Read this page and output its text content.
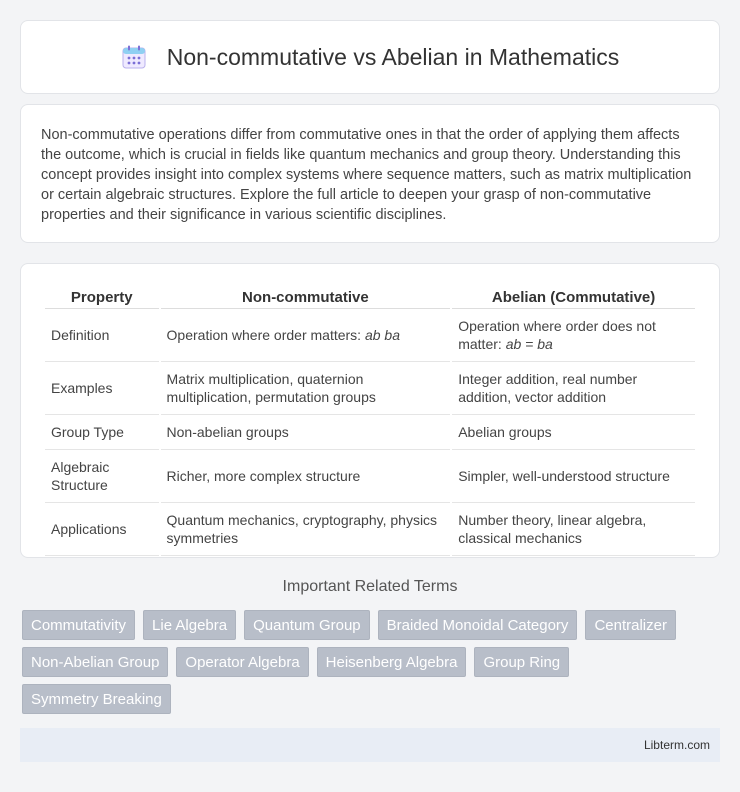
Non-commutative vs Abelian in Mathematics

Non-commutative operations differ from commutative ones in that the order of applying them affects the outcome, which is crucial in fields like quantum mechanics and group theory. Understanding this concept provides insight into complex systems where sequence matters, such as matrix multiplication or certain algebraic structures. Explore the full article to deepen your grasp of non-commutative properties and their significance in various scientific disciplines.

Property	Non-commutative	Abelian (Commutative)
Definition	Operation where order matters: ab ba	Operation where order does not matter: ab = ba
Examples	Matrix multiplication, quaternion multiplication, permutation groups	Integer addition, real number addition, vector addition
Group Type	Non-abelian groups	Abelian groups
Algebraic Structure	Richer, more complex structure	Simpler, well-understood structure
Applications	Quantum mechanics, cryptography, physics symmetries	Number theory, linear algebra, classical mechanics
Important Related Terms
Commutativity	Lie Algebra	Quantum Group	Braided Monoidal Category	Centralizer
Non-Abelian Group	Operator Algebra	Heisenberg Algebra	Group Ring
Symmetry Breaking
Libterm.com
